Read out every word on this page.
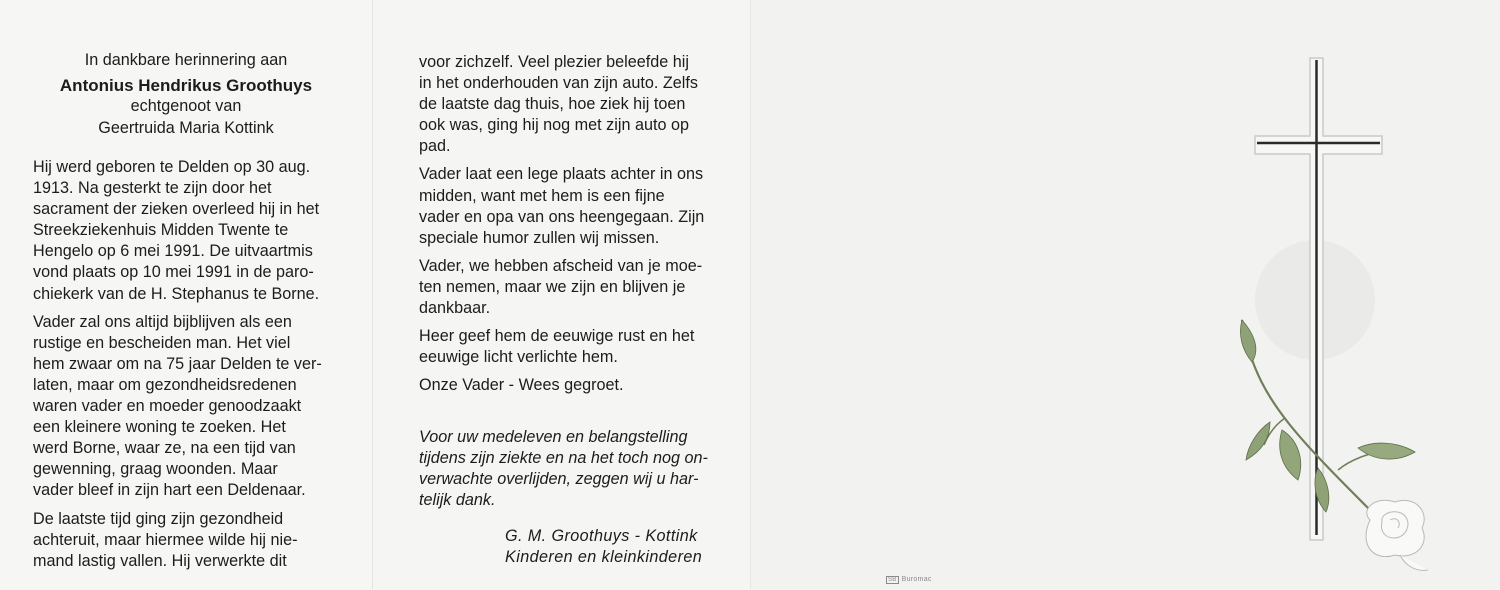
In dankbare herinnering aan
Antonius Hendrikus Groothuys
echtgenoot van
Geertruida Maria Kottink

Hij werd geboren te Delden op 30 aug.
1913. Na gesterkt te zijn door het
sacrament der zieken overleed hij in het
Streekziekenhuis Midden Twente te
Hengelo op 6 mei 1991. De uitvaartmis
vond plaats op 10 mei 1991 in de paro-
chiekerk van de H. Stephanus te Borne.

Vader zal ons altijd bijblijven als een
rustige en bescheiden man. Het viel
hem zwaar om na 75 jaar Delden te ver-
laten, maar om gezondheidsredenen
waren vader en moeder genoodzaakt
een kleinere woning te zoeken. Het
werd Borne, waar ze, na een tijd van
gewenning, graag woonden. Maar
vader bleef in zijn hart een Deldenaar.

De laatste tijd ging zijn gezondheid
achteruit, maar hiermee wilde hij nie-
mand lastig vallen. Hij verwerkte dit

voor zichzelf. Veel plezier beleefde hij
in het onderhouden van zijn auto. Zelfs
de laatste dag thuis, hoe ziek hij toen
ook was, ging hij nog met zijn auto op
pad.

Vader laat een lege plaats achter in ons
midden, want met hem is een fijne
vader en opa van ons heengegaan. Zijn
speciale humor zullen wij missen.

Vader, we hebben afscheid van je moe-
ten nemen, maar we zijn en blijven je
dankbaar.

Heer geef hem de eeuwige rust en het
eeuwige licht verlichte hem.

Onze Vader - Wees gegroet.

Voor uw medeleven en belangstelling
tijdens zijn ziekte en na het toch nog on-
verwachte overlijden, zeggen wij u har-
telijk dank.

G. M. Groothuys - Kottink
Kinderen en kleinkinderen
SB Buromac
